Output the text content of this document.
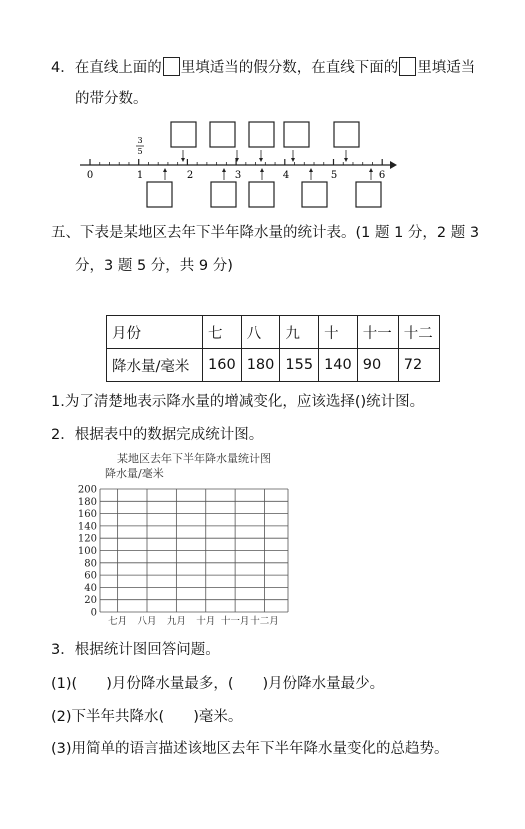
4．在直线上面的 里填适当的假分数，在直线下面的 里填适当
的带分数。
3
5
0	1	2	3	4	5	6
五、下表是某地区去年下半年降水量的统计表。(1 题 1 分，2 题 3
分，3 题 5 分，共 9 分)
月份	七	八	九	十	十一	十二
降水量/毫米	160	180	155	140	90	72
1.为了清楚地表示降水量的增减变化，应该选择()统计图。
2．根据表中的数据完成统计图。
某地区去年下半年降水量统计图
降水量/毫米
0
20
40
60
80
100
120
140
160
180
200
七月 八月 九月 十月 十一月 十二月
3．根据统计图回答问题。
(1)(　　)月份降水量最多，(　　)月份降水量最少。
(2)下半年共降水(　　)毫米。
(3)用简单的语言描述该地区去年下半年降水量变化的总趋势。
